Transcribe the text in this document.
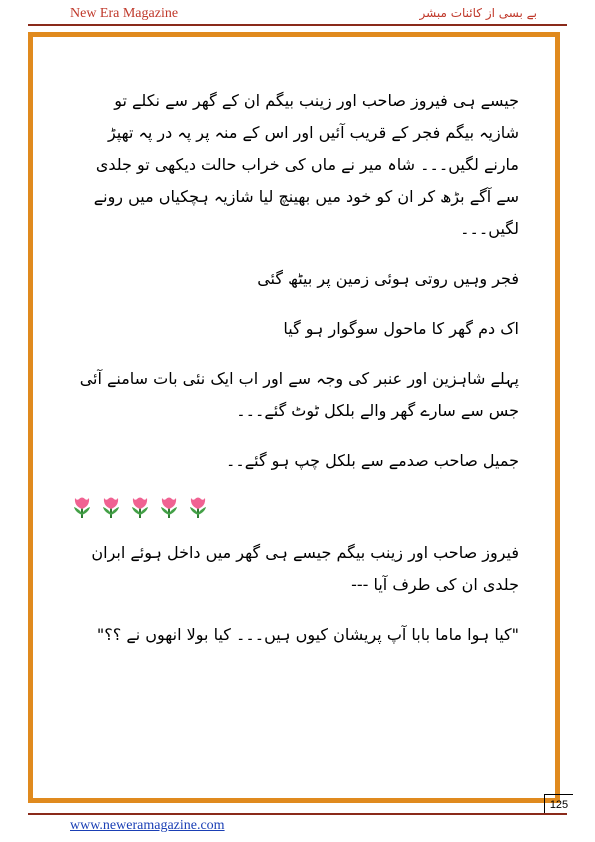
New Era Magazine	بے بسی از کائنات مبشر

جیسے ہی فیروز صاحب اور زینب بیگم ان کے گھر سے نکلے تو شازیہ بیگم فجر کے قریب آئیں اور اس کے منہ پر پہ در پہ تھپڑ مارنے لگیں۔۔۔ شاہ میر نے ماں کی خراب حالت دیکھی تو جلدی سے آگے بڑھ کر ان کو خود میں بھینچ لیا شازیہ ہچکیاں میں رونے لگیں۔۔۔

فجر وہیں روتی ہوئی زمین پر بیٹھ گئی

اک دم گھر کا ماحول سوگوار ہو گیا

پہلے شاہزین اور عنبر کی وجہ سے اور اب ایک نئی بات سامنے آئی جس سے سارے گھر والے بلکل ٹوٹ گئے۔۔۔

جمیل صاحب صدمے سے بلکل چپ ہو گئے۔۔

فیروز صاحب اور زینب بیگم جیسے ہی گھر میں داخل ہوئے ابران جلدی ان کی طرف آیا ---

"کیا ہوا ماما بابا آپ پریشان کیوں ہیں۔۔۔ کیا بولا انھوں نے ؟؟"

125
www.neweramagazine.com
